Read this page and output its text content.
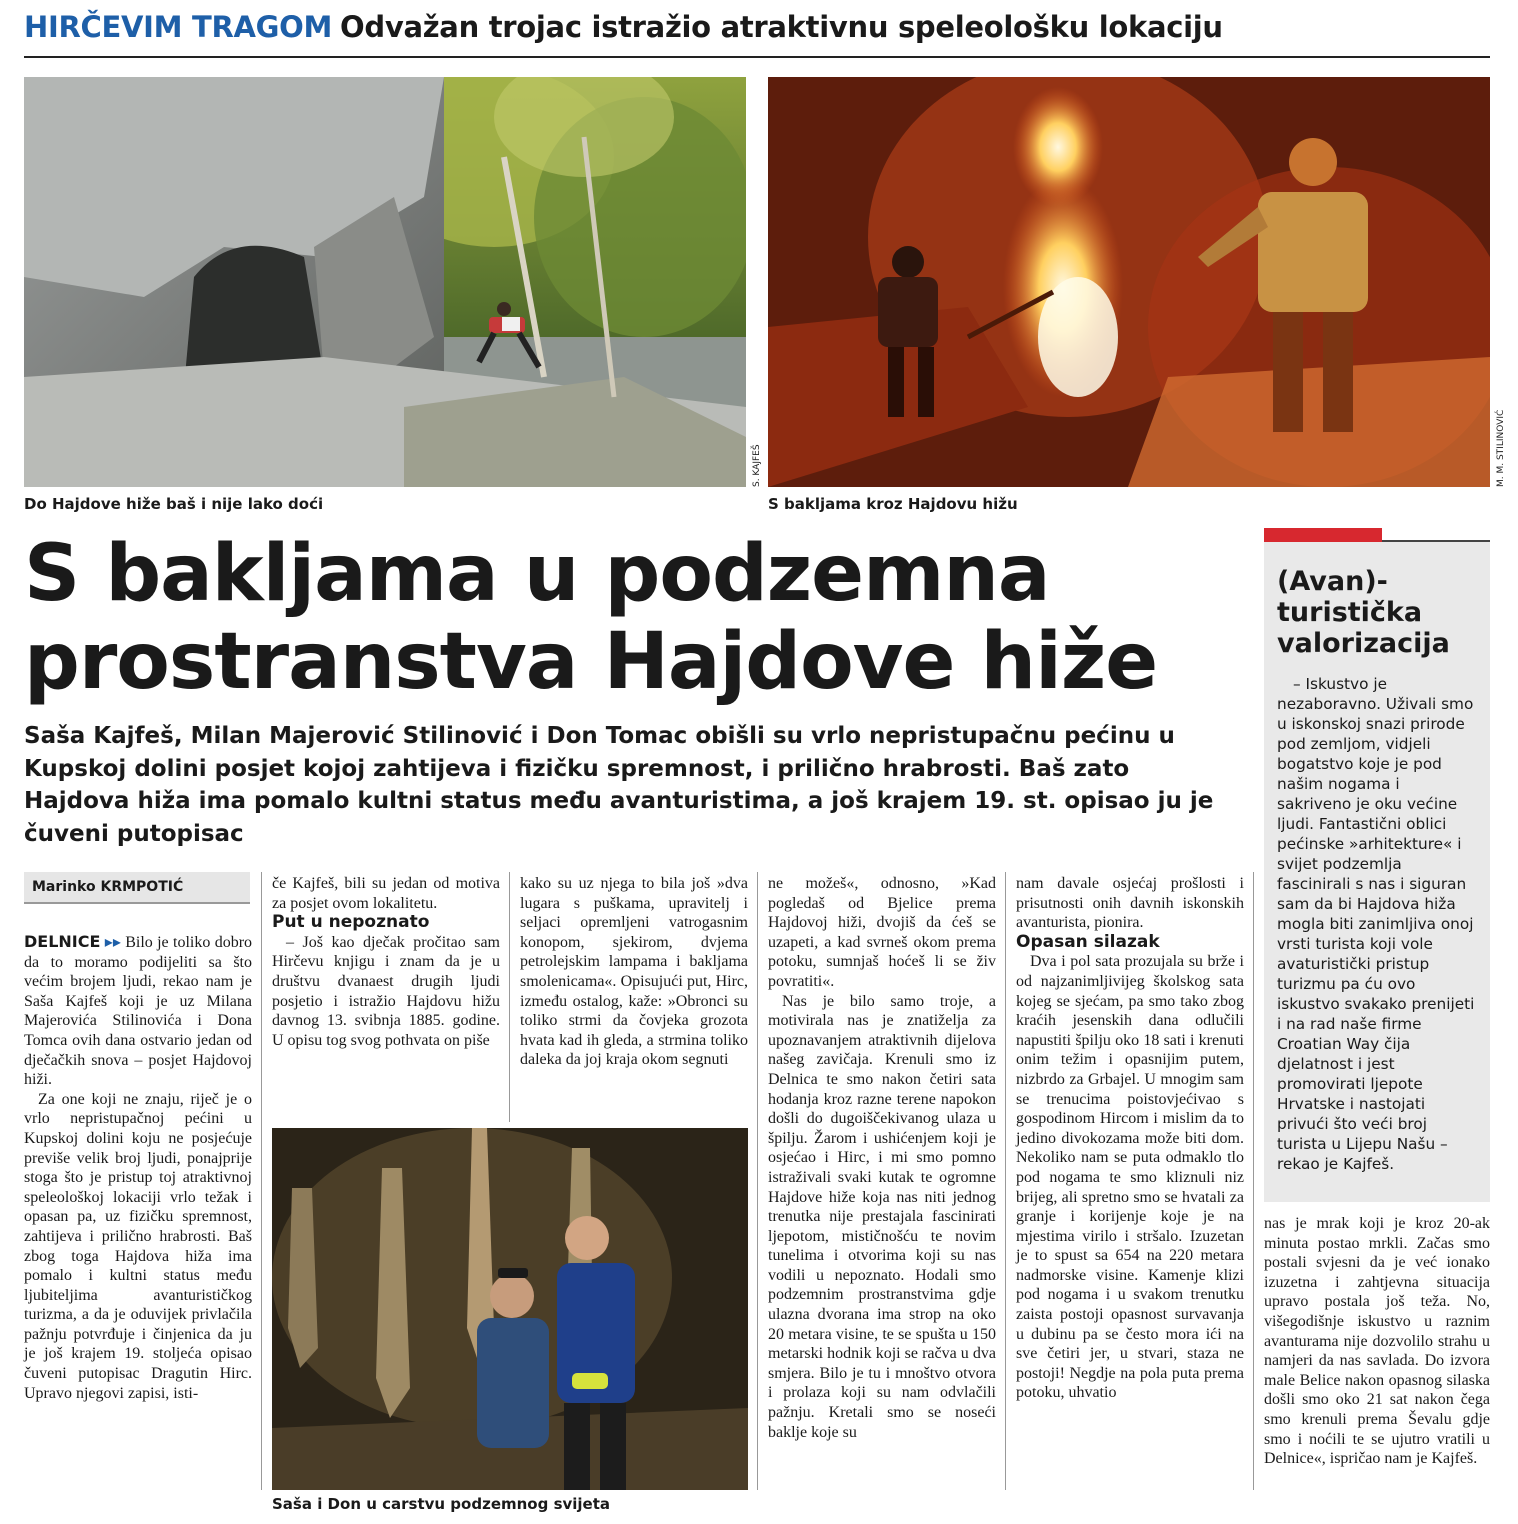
HIRČEVIM TRAGOM Odvažan trojac istražio atraktivnu speleološku lokaciju
S. KAJFEŠ
Do Hajdove hiže baš i nije lako doći
M. M. STILINOVIĆ
S bakljama kroz Hajdovu hižu
S bakljama u podzemna
prostranstva Hajdove hiže
Saša Kajfeš, Milan Majerović Stilinović i Don Tomac obišli su vrlo nepristupačnu pećinu u Kupskoj dolini posjet kojoj zahtijeva i fizičku spremnost, i prilično hrabrosti. Baš zato Hajdova hiža ima pomalo kultni status među avanturistima, a još krajem 19. st. opisao ju je čuveni putopisac
Marinko KRMPOTIĆ

DELNICE ▸▸ Bilo je toliko dobro da to moramo podijeliti sa što većim brojem ljudi, rekao nam je Saša Kajfeš koji je uz Milana Majerovića Stilinovića i Dona Tomca ovih dana ostvario jedan od dječačkih snova – posjet Hajdovoj hiži.

Za one koji ne znaju, riječ je o vrlo nepristupačnoj pećini u Kupskoj dolini koju ne posjećuje previše velik broj ljudi, ponajprije stoga što je pristup toj atraktivnoj speleološkoj lokaciji vrlo težak i opasan pa, uz fizičku spremnost, zahtijeva i prilično hrabrosti. Baš zbog toga Hajdova hiža ima pomalo i kultni status među ljubiteljima avanturističkog turizma, a da je oduvijek privlačila pažnju potvrđuje i činjenica da ju je još krajem 19. stoljeća opisao čuveni putopisac Dragutin Hirc. Upravo njegovi zapisi, isti-

če Kajfeš, bili su jedan od motiva za posjet ovom lokalitetu.

Put u nepoznato

– Još kao dječak pročitao sam Hirčevu knjigu i znam da je u društvu dvanaest drugih ljudi posjetio i istražio Hajdovu hižu davnog 13. svibnja 1885. godine. U opisu tog svog pothvata on piše

kako su uz njega to bila još »dva lugara s puškama, upravitelj i seljaci opremljeni vatrogasnim konopom, sjekirom, dvjema petrolejskim lampama i bakljama smolenicama«. Opisujući put, Hirc, između ostalog, kaže: »Obronci su toliko strmi da čovjeka grozota hvata kad ih gleda, a strmina toliko daleka da joj kraja okom segnuti

Saša i Don u carstvu podzemnog svijeta

ne možeš«, odnosno, »Kad pogledaš od Bjelice prema Hajdovoj hiži, dvojiš da ćeš se uzapeti, a kad svrneš okom prema potoku, sumnjaš hoćeš li se živ povratiti«.

Nas je bilo samo troje, a motivirala nas je znatiželja za upoznavanjem atraktivnih dijelova našeg zavičaja. Krenuli smo iz Delnica te smo nakon četiri sata hodanja kroz razne terene napokon došli do dugoiščekivanog ulaza u špilju. Žarom i ushićenjem koji je osjećao i Hirc, i mi smo pomno istraživali svaki kutak te ogromne Hajdove hiže koja nas niti jednog trenutka nije prestajala fascinirati ljepotom, mističnošću te novim tunelima i otvorima koji su nas vodili u nepoznato. Hodali smo podzemnim prostranstvima gdje ulazna dvorana ima strop na oko 20 metara visine, te se spušta u 150 metarski hodnik koji se račva u dva smjera. Bilo je tu i mnoštvo otvora i prolaza koji su nam odvlačili pažnju. Kretali smo se noseći baklje koje su

nam davale osjećaj prošlosti i prisutnosti onih davnih iskonskih avanturista, pionira.

Opasan silazak

Dva i pol sata prozujala su brže i od najzanimljivijeg školskog sata kojeg se sjećam, pa smo tako zbog kraćih jesenskih dana odlučili napustiti špilju oko 18 sati i krenuti onim težim i opasnijim putem, nizbrdo za Grbajel. U mnogim sam se trenucima poistovjećivao s gospodinom Hircom i mislim da to jedino divokozama može biti dom. Nekoliko nam se puta odmaklo tlo pod nogama te smo kliznuli niz brijeg, ali spretno smo se hvatali za granje i korijenje koje je na mjestima virilo i stršalo. Izuzetan je to spust sa 654 na 220 metara nadmorske visine. Kamenje klizi pod nogama i u svakom trenutku zaista postoji opasnost survavanja u dubinu pa se često mora ići na sve četiri jer, u stvari, staza ne postoji! Negdje na pola puta prema potoku, uhvatio

nas je mrak koji je kroz 20-ak minuta postao mrkli. Začas smo postali svjesni da je već ionako izuzetna i zahtjevna situacija upravo postala još teža. No, višegodišnje iskustvo u raznim avanturama nije dozvolilo strahu u namjeri da nas savlada. Do izvora male Belice nakon opasnog silaska došli smo oko 21 sat nakon čega smo krenuli prema Ševalu gdje smo i noćili te se ujutro vratili u Delnice«, ispričao nam je Kajfeš.

(Avan)-turistička valorizacija
– Iskustvo je nezaboravno. Uživali smo u iskonskoj snazi prirode pod zemljom, vidjeli bogatstvo koje je pod našim nogama i sakriveno je oku većine ljudi. Fantastični oblici pećinske »arhitekture« i svijet podzemlja fascinirali s nas i siguran sam da bi Hajdova hiža mogla biti zanimljiva onoj vrsti turista koji vole avaturistički pristup turizmu pa ću ovo iskustvo svakako prenijeti i na rad naše firme Croatian Way čija djelatnost i jest promovirati ljepote Hrvatske i nastojati privući što veći broj turista u Lijepu Našu – rekao je Kajfeš.
